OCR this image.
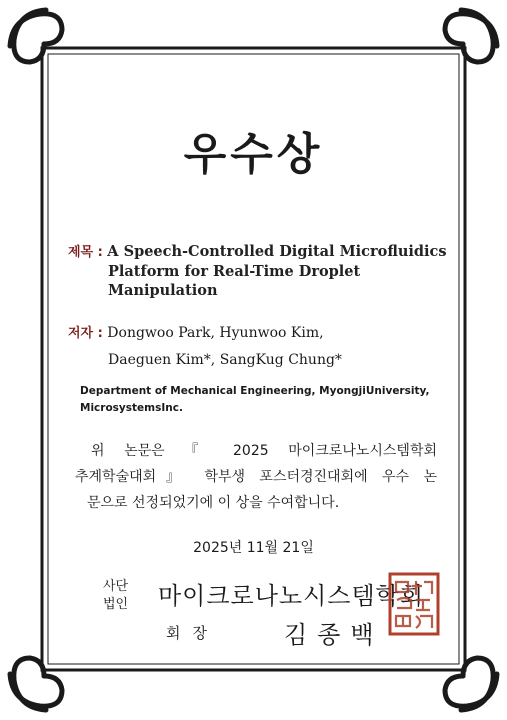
우수상
제목 : A Speech-Controlled Digital Microfluidics
Platform for Real-Time Droplet
Manipulation
저자 : Dongwoo Park, Hyunwoo Kim,
Daeguen Kim*, SangKug Chung*
Department of Mechanical Engineering, MyongjiUniversity,
MicrosystemsInc.
위 논문은 『 2025 마이크로나노시스템학회
추계학술대회』 학부생 포스터경진대회에 우수 논
문으로 선정되었기에 이 상을 수여합니다.
2025년 11월 21일
사단
법인 마이크로나노시스템학회
회장	김종백
